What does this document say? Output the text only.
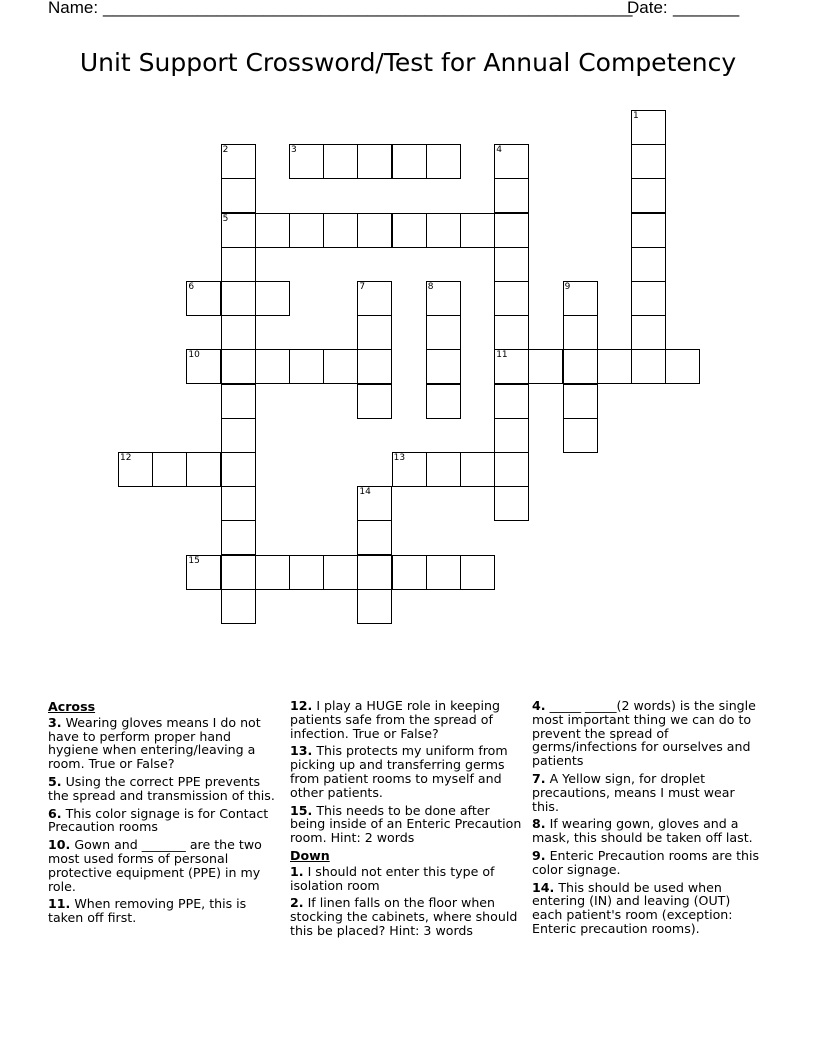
Name: ________________________________________________________
Date: _______
Unit Support Crossword/Test for Annual Competency
1
2	3	4
5
6	7	8	9
10	11
12	13
14
15
Across
3. Wearing gloves means I do not have to perform proper hand hygiene when entering/leaving a room. True or False?
5. Using the correct PPE prevents the spread and transmission of this.
6. This color signage is for Contact Precaution rooms
10. Gown and _______ are the two most used forms of personal protective equipment (PPE) in my role.
11. When removing PPE, this is taken off first.
12. I play a HUGE role in keeping patients safe from the spread of infection. True or False?
13. This protects my uniform from picking up and transferring germs from patient rooms to myself and other patients.
15. This needs to be done after being inside of an Enteric Precaution room. Hint: 2 words
Down
1. I should not enter this type of isolation room
2. If linen falls on the floor when stocking the cabinets, where should this be placed? Hint: 3 words
4. _____ _____(2 words) is the single most important thing we can do to prevent the spread of germs/infections for ourselves and patients
7. A Yellow sign, for droplet precautions, means I must wear this.
8. If wearing gown, gloves and a mask, this should be taken off last.
9. Enteric Precaution rooms are this color signage.
14. This should be used when entering (IN) and leaving (OUT) each patient's room (exception: Enteric precaution rooms).
